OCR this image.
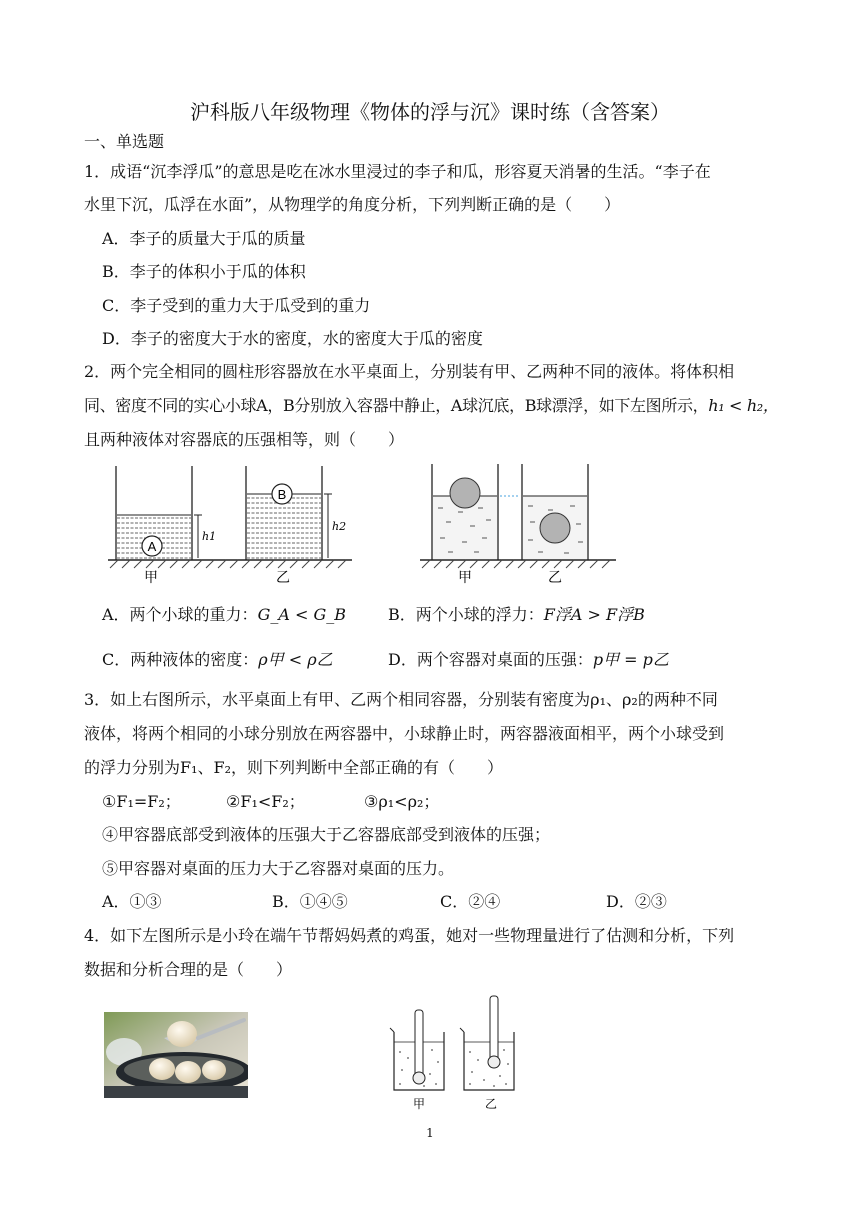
沪科版八年级物理《物体的浮与沉》课时练（含答案）
一、单选题
1．成语“沉李浮瓜”的意思是吃在冰水里浸过的李子和瓜，形容夏天消暑的生活。“李子在
水里下沉，瓜浮在水面”，从物理学的角度分析，下列判断正确的是（　　）
A．李子的质量大于瓜的质量
B．李子的体积小于瓜的体积
C．李子受到的重力大于瓜受到的重力
D．李子的密度大于水的密度，水的密度大于瓜的密度
2．两个完全相同的圆柱形容器放在水平桌面上，分别装有甲、乙两种不同的液体。将体积相
同、密度不同的实心小球A，B分别放入容器中静止，A球沉底，B球漂浮，如下左图所示，h₁ < h₂，
且两种液体对容器底的压强相等，则（　　）
A
h1
甲
B
h2
乙	甲	乙
A．两个小球的重力：G_A < G_B	B．两个小球的浮力：F浮A > F浮B
C．两种液体的密度：ρ甲 < ρ乙	D．两个容器对桌面的压强：p甲 = p乙
3．如上右图所示，水平桌面上有甲、乙两个相同容器，分别装有密度为ρ₁、ρ₂的两种不同
液体，将两个相同的小球分别放在两容器中，小球静止时，两容器液面相平，两个小球受到
的浮力分别为F₁、F₂，则下列判断中全部正确的有（　　）
①F₁=F₂；	②F₁<F₂；	③ρ₁<ρ₂；
④甲容器底部受到液体的压强大于乙容器底部受到液体的压强；
⑤甲容器对桌面的压力大于乙容器对桌面的压力。
A．①③	B．①④⑤	C．②④	D．②③
4．如下左图所示是小玲在端午节帮妈妈煮的鸡蛋，她对一些物理量进行了估测和分析，下列
数据和分析合理的是（　　）
甲	乙
1
